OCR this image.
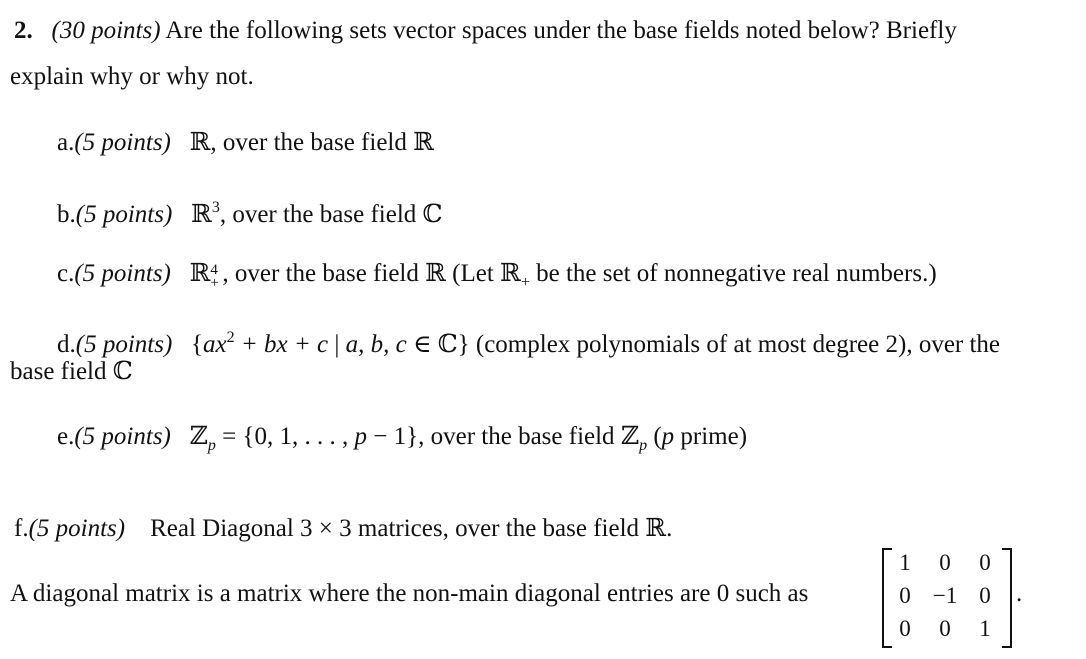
2. (30 points) Are the following sets vector spaces under the base fields noted below? Briefly
explain why or why not.
a.(5 points) ℝ, over the base field ℝ
b.(5 points) ℝ$^3$, over the base field ℂ
c.(5 points) ℝ 4
+ , over the base field ℝ (Let ℝ$_+$ be the set of nonnegative real numbers.)
d.(5 points) {$ax^2$ + bx + c | a, b, c ∈ ℂ} (complex polynomials of at most degree 2), over the
base field ℂ
e.(5 points) ℤ$_p$ = {0, 1, . . . , p − 1}, over the base field ℤ$_p$ (p prime)
f.(5 points) Real Diagonal 3 × 3 matrices, over the base field ℝ.
A diagonal matrix is a matrix where the non-main diagonal entries are 0 such as
1	0	0
0 −1 0
0	0	1
.
